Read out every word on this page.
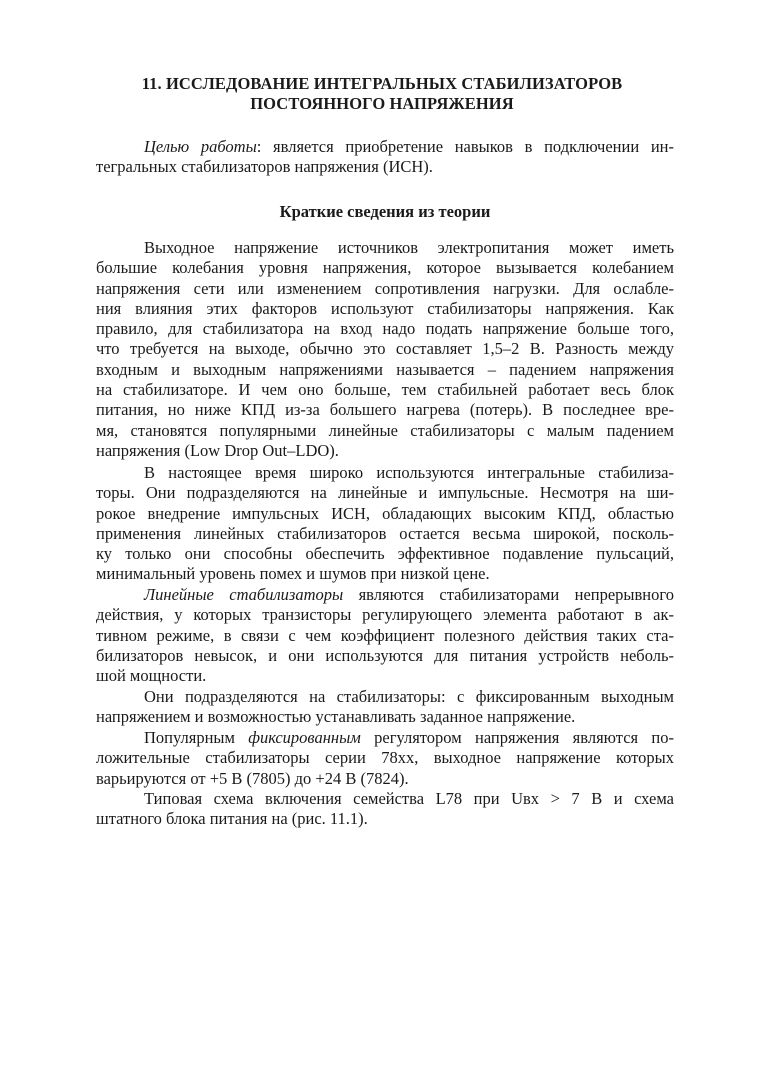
11. ИССЛЕДОВАНИЕ ИНТЕГРАЛЬНЫХ СТАБИЛИЗАТОРОВ
ПОСТОЯННОГО НАПРЯЖЕНИЯ

Целью работы: является приобретение навыков в подключении ин-
тегральных стабилизаторов напряжения (ИСН).

Краткие сведения из теории

Выходное напряжение источников электропитания может иметь
большие колебания уровня напряжения, которое вызывается колебанием
напряжения сети или изменением сопротивления нагрузки. Для ослабле-
ния влияния этих факторов используют стабилизаторы напряжения. Как
правило, для стабилизатора на вход надо подать напряжение больше того,
что требуется на выходе, обычно это составляет 1,5–2 В. Разность между
входным и выходным напряжениями называется – падением напряжения
на стабилизаторе. И чем оно больше, тем стабильней работает весь блок
питания, но ниже КПД из-за большего нагрева (потерь). В последнее вре-
мя, становятся популярными линейные стабилизаторы с малым падением
напряжения (Low Drop Out–LDO).

В настоящее время широко используются интегральные стабилиза-
торы. Они подразделяются на линейные и импульсные. Несмотря на ши-
рокое внедрение импульсных ИСН, обладающих высоким КПД, областью
применения линейных стабилизаторов остается весьма широкой, посколь-
ку только они способны обеспечить эффективное подавление пульсаций,
минимальный уровень помех и шумов при низкой цене.

Линейные стабилизаторы являются стабилизаторами непрерывного
действия, у которых транзисторы регулирующего элемента работают в ак-
тивном режиме, в связи с чем коэффициент полезного действия таких ста-
билизаторов невысок, и они используются для питания устройств неболь-
шой мощности.

Они подразделяются на стабилизаторы: с фиксированным выходным
напряжением и возможностью устанавливать заданное напряжение.

Популярным фиксированным регулятором напряжения являются по-
ложительные стабилизаторы серии 78хх, выходное напряжение которых
варьируются от +5 В (7805) до +24 В (7824).

Типовая схема включения семейства L78 при Uвх > 7 В и схема
штатного блока питания на (рис. 11.1).
